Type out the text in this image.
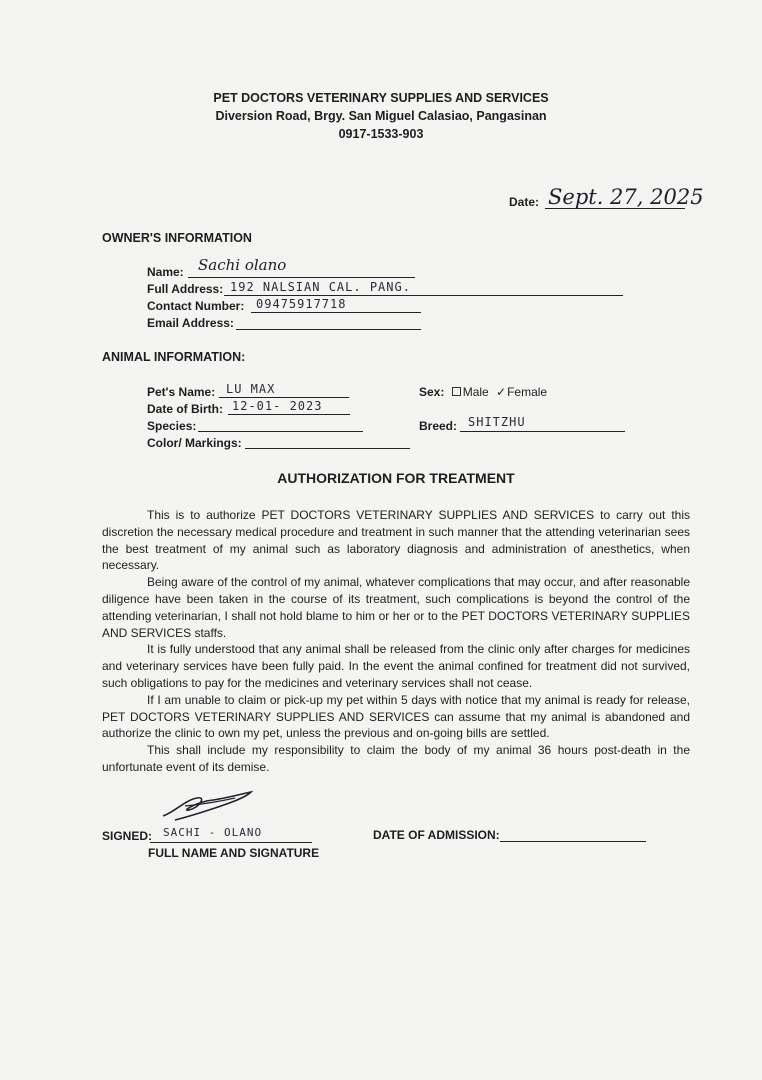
PET DOCTORS VETERINARY SUPPLIES AND SERVICES
Diversion Road, Brgy. San Miguel Calasiao, Pangasinan
0917-1533-903
Date: Sept. 27, 2025
OWNER'S INFORMATION
Name: Sachi olano
Full Address: 192 NALSIAN CAL. PANG.
Contact Number: 09475917718
Email Address:
ANIMAL INFORMATION:
Pet's Name: LU MAX
Date of Birth: 12-01- 2023
Species:
Color/ Markings:
Sex: Male ✓Female
Breed: SHITZHU
AUTHORIZATION FOR TREATMENT

This is to authorize PET DOCTORS VETERINARY SUPPLIES AND SERVICES to carry out this discretion the necessary medical procedure and treatment in such manner that the attending veterinarian sees the best treatment of my animal such as laboratory diagnosis and administration of anesthetics, when necessary.

Being aware of the control of my animal, whatever complications that may occur, and after reasonable diligence have been taken in the course of its treatment, such complications is beyond the control of the attending veterinarian, I shall not hold blame to him or her or to the PET DOCTORS VETERINARY SUPPLIES AND SERVICES staffs.

It is fully understood that any animal shall be released from the clinic only after charges for medicines and veterinary services have been fully paid. In the event the animal confined for treatment did not survived, such obligations to pay for the medicines and veterinary services shall not cease.

If I am unable to claim or pick-up my pet within 5 days with notice that my animal is ready for release, PET DOCTORS VETERINARY SUPPLIES AND SERVICES can assume that my animal is abandoned and authorize the clinic to own my pet, unless the previous and on-going bills are settled.

This shall include my responsibility to claim the body of my animal 36 hours post-death in the unfortunate event of its demise.

SIGNED: SACHI - OLANO
FULL NAME AND SIGNATURE
DATE OF ADMISSION:
